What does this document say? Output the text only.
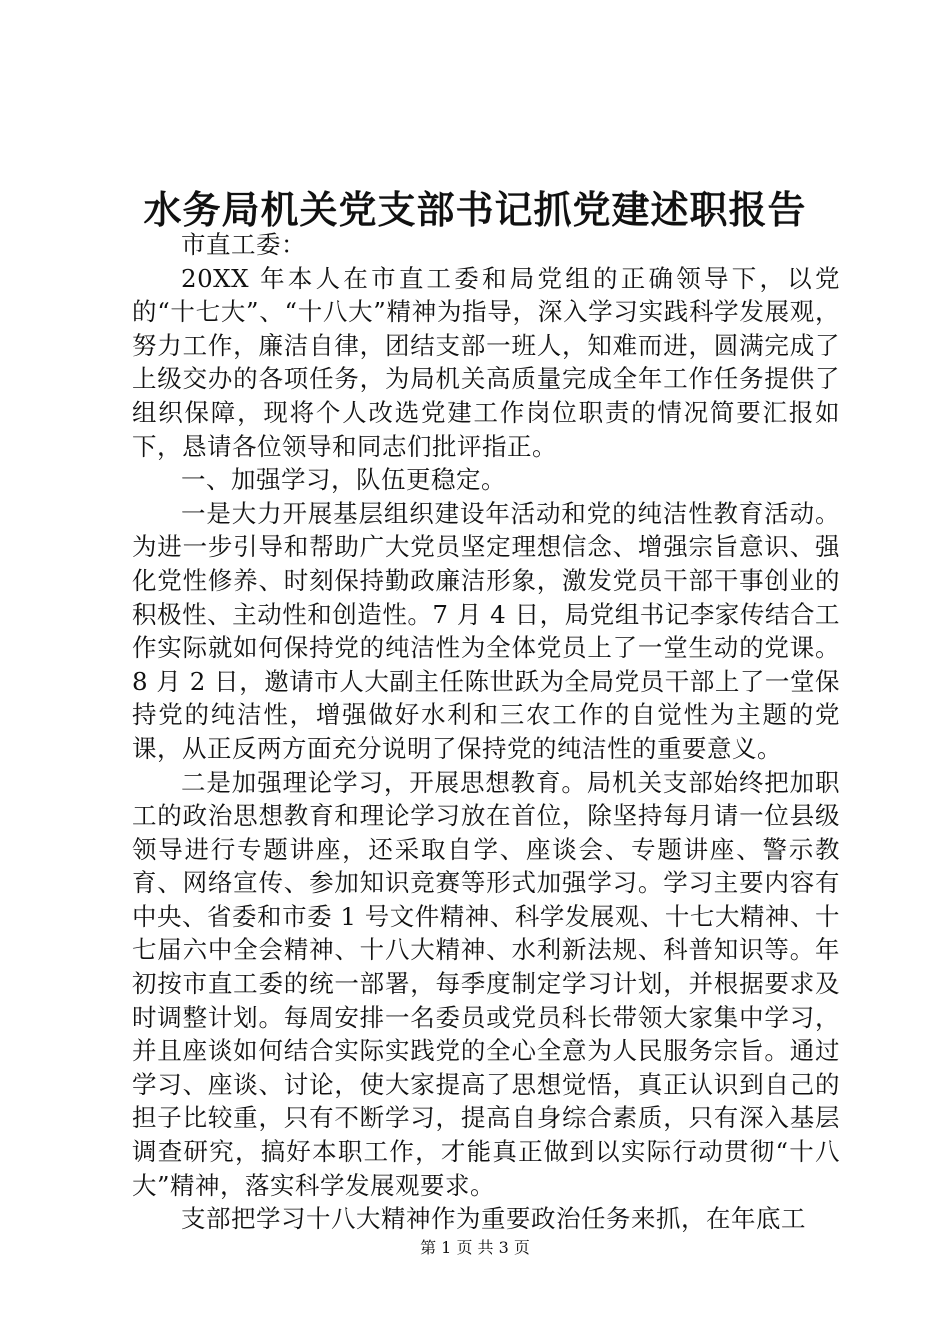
水务局机关党支部书记抓党建述职报告

市直工委：

20XX 年本人在市直工委和局党组的正确领导下，以党的“十七大”、“十八大”精神为指导，深入学习实践科学发展观，努力工作，廉洁自律，团结支部一班人，知难而进，圆满完成了上级交办的各项任务，为局机关高质量完成全年工作任务提供了组织保障，现将个人改选党建工作岗位职责的情况简要汇报如下，恳请各位领导和同志们批评指正。

一、加强学习，队伍更稳定。

一是大力开展基层组织建设年活动和党的纯洁性教育活动。为进一步引导和帮助广大党员坚定理想信念、增强宗旨意识、强化党性修养、时刻保持勤政廉洁形象，激发党员干部干事创业的积极性、主动性和创造性。7 月 4 日，局党组书记李家传结合工作实际就如何保持党的纯洁性为全体党员上了一堂生动的党课。8 月 2 日，邀请市人大副主任陈世跃为全局党员干部上了一堂保持党的纯洁性，增强做好水利和三农工作的自觉性为主题的党课，从正反两方面充分说明了保持党的纯洁性的重要意义。

二是加强理论学习，开展思想教育。局机关支部始终把加职工的政治思想教育和理论学习放在首位，除坚持每月请一位县级领导进行专题讲座，还采取自学、座谈会、专题讲座、警示教育、网络宣传、参加知识竞赛等形式加强学习。学习主要内容有中央、省委和市委 1 号文件精神、科学发展观、十七大精神、十七届六中全会精神、十八大精神、水利新法规、科普知识等。年初按市直工委的统一部署，每季度制定学习计划，并根据要求及时调整计划。每周安排一名委员或党员科长带领大家集中学习，并且座谈如何结合实际实践党的全心全意为人民服务宗旨。通过学习、座谈、讨论，使大家提高了思想觉悟，真正认识到自己的担子比较重，只有不断学习，提高自身综合素质，只有深入基层调查研究，搞好本职工作，才能真正做到以实际行动贯彻“十八大”精神，落实科学发展观要求。

支部把学习十八大精神作为重要政治任务来抓，在年底工

第 1 页 共 3 页
